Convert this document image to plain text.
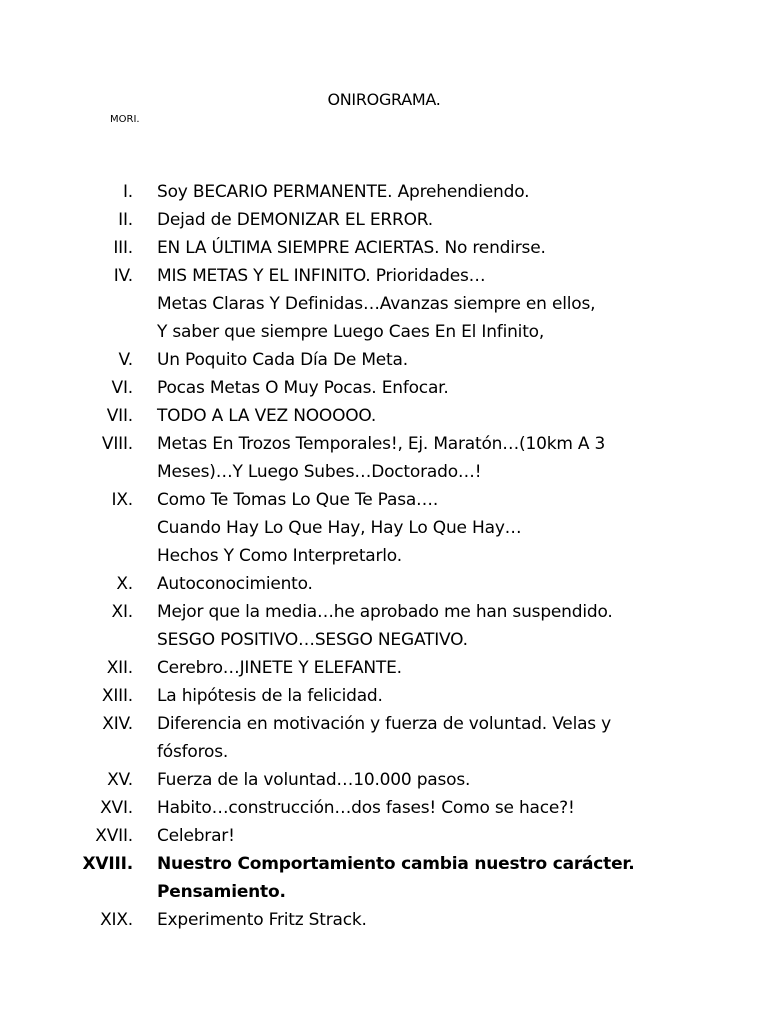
ONIROGRAMA.
MORI.
I. Soy BECARIO PERMANENTE. Aprehendiendo.
II. Dejad de DEMONIZAR EL ERROR.
III. EN LA ÚLTIMA SIEMPRE ACIERTAS. No rendirse.
IV. MIS METAS Y EL INFINITO. Prioridades…
Metas Claras Y Definidas…Avanzas siempre en ellos,
Y saber que siempre Luego Caes En El Infinito,
V. Un Poquito Cada Día De Meta.
VI. Pocas Metas O Muy Pocas. Enfocar.
VII. TODO A LA VEZ NOOOOO.
VIII. Metas En Trozos Temporales!, Ej. Maratón…(10km A 3
Meses)…Y Luego Subes…Doctorado…!
IX. Como Te Tomas Lo Que Te Pasa….
Cuando Hay Lo Que Hay, Hay Lo Que Hay…
Hechos Y Como Interpretarlo.
X. Autoconocimiento.
XI. Mejor que la media…he aprobado me han suspendido.
SESGO POSITIVO…SESGO NEGATIVO.
XII. Cerebro…JINETE Y ELEFANTE.
XIII. La hipótesis de la felicidad.
XIV. Diferencia en motivación y fuerza de voluntad. Velas y
fósforos.
XV. Fuerza de la voluntad…10.000 pasos.
XVI. Habito…construcción…dos fases! Como se hace?!
XVII. Celebrar!
XVIII. Nuestro Comportamiento cambia nuestro carácter.
Pensamiento.
XIX. Experimento Fritz Strack.
